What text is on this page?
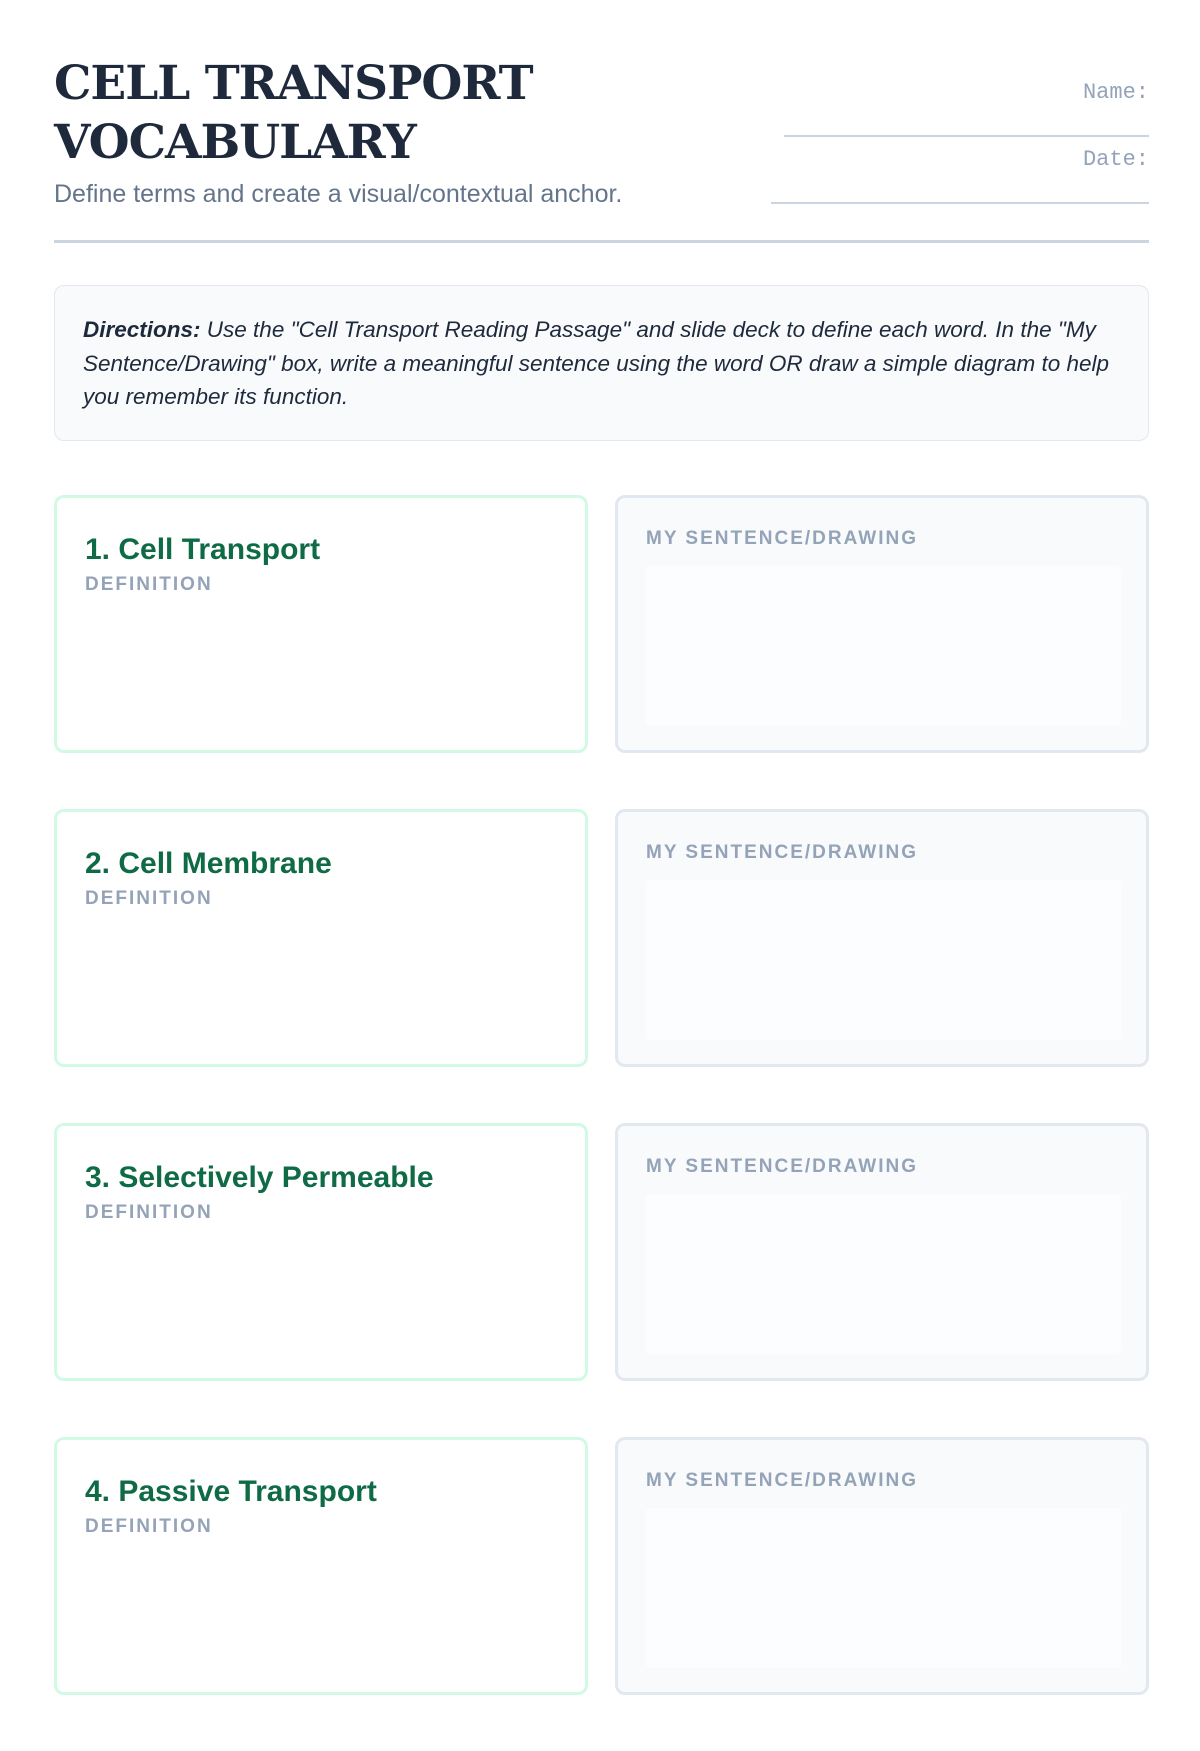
CELL TRANSPORT
VOCABULARY

Define terms and create a visual/contextual anchor.

Name:
Date:
Directions: Use the "Cell Transport Reading Passage" and slide deck to define each word. In the "My Sentence/Drawing" box, write a meaningful sentence using the word OR draw a simple diagram to help you remember its function.
1. Cell Transport
DEFINITION
MY SENTENCE/DRAWING
2. Cell Membrane
DEFINITION
MY SENTENCE/DRAWING
3. Selectively Permeable
DEFINITION
MY SENTENCE/DRAWING
4. Passive Transport
DEFINITION
MY SENTENCE/DRAWING
